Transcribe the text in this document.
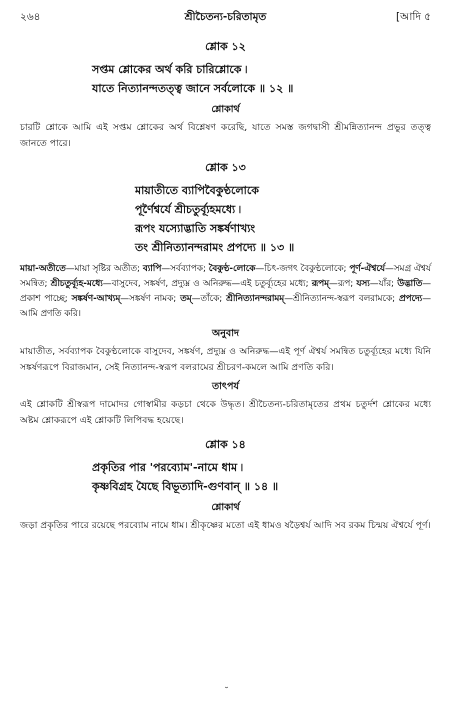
২৬৪	শ্রীচৈতন্য-চরিতামৃত	[আদি ৫
শ্লোক ১২
সপ্তম শ্লোকের অর্থ করি চারিশ্লোকে ৷
যাতে নিত্যানন্দতত্ত্ব জানে সর্বলোকে ॥ ১২ ॥
শ্লোকার্থ

চারটি শ্লোকে আমি এই সপ্তম শ্লোকের অর্থ বিশ্লেষণ করেছি, যাতে সমস্ত জগদ্বাসী শ্রীমন্নিত্যানন্দ প্রভুর তত্ত্ব জানতে পারে।

শ্লোক ১৩
মায়াতীতে ব্যাপিবৈকুণ্ঠলোকে
পূর্ণৈশ্বর্যে শ্রীচতুর্ব্যূহমধ্যে ৷
রূপং যস্যোদ্ভাতি সঙ্কর্ষণাখ্যং
তং শ্রীনিত্যানন্দরামং প্রপদ্যে ॥ ১৩ ॥

মায়া-অতীতে—মায়া সৃষ্টির অতীত; ব্যাপি—সর্বব্যাপক; বৈকুণ্ঠ-লোকে—চিৎ-জগৎ বৈকুণ্ঠলোকে; পূর্ণ-ঐশ্বর্যে—সমগ্র ঐশ্বর্য সমন্বিত; শ্রীচতুর্ব্যূহ-মধ্যে—বাসুদেব, সঙ্কর্ষণ, প্রদ্যুম্ন ও অনিরুদ্ধ—এই চতুর্ব্যূহের মধ্যে; রূপম্—রূপ; যস্য—যাঁর; উদ্ভাতি—প্রকাশ পাচ্ছে; সঙ্কর্ষণ-আখ্যম্—সঙ্কর্ষণ নামক; তম্—তাঁকে; শ্রীনিত্যানন্দরামম্—শ্রীনিত্যানন্দ-স্বরূপ বলরামকে; প্রপদ্যে—আমি প্রণতি করি।

অনুবাদ

মায়াতীত, সর্বব্যাপক বৈকুণ্ঠলোকে বাসুদেব, সঙ্কর্ষণ, প্রদ্যুম্ন ও অনিরুদ্ধ—এই পূর্ণ ঐশ্বর্য সমন্বিত চতুর্ব্যূহের মধ্যে যিনি সঙ্কর্ষণরূপে বিরাজমান, সেই নিত্যানন্দ-স্বরূপ বলরামের শ্রীচরণ-কমলে আমি প্রণতি করি।

তাৎপর্য

এই শ্লোকটি শ্রীস্বরূপ দামোদর গোস্বামীর কড়চা থেকে উদ্ধৃত। শ্রীচৈতন্য-চরিতামৃতের প্রথম চতুর্দশ শ্লোকের মধ্যে অষ্টম শ্লোকরূপে এই শ্লোকটি লিপিবদ্ধ হয়েছে।

শ্লোক ১৪
প্রকৃতির পার 'পরব্যোম'-নামে ধাম ৷
কৃষ্ণবিগ্রহ যৈছে বিভূত্যাদি-গুণবান্ ॥ ১৪ ॥
শ্লোকার্থ

জড়া প্রকৃতির পারে রয়েছে পরব্যোম নামে ধাম। শ্রীকৃষ্ণের মতো এই ধামও ষড়ৈশ্বর্য আদি সব রকম চিন্ময় ঐশ্বর্যে পূর্ণ।

˘
